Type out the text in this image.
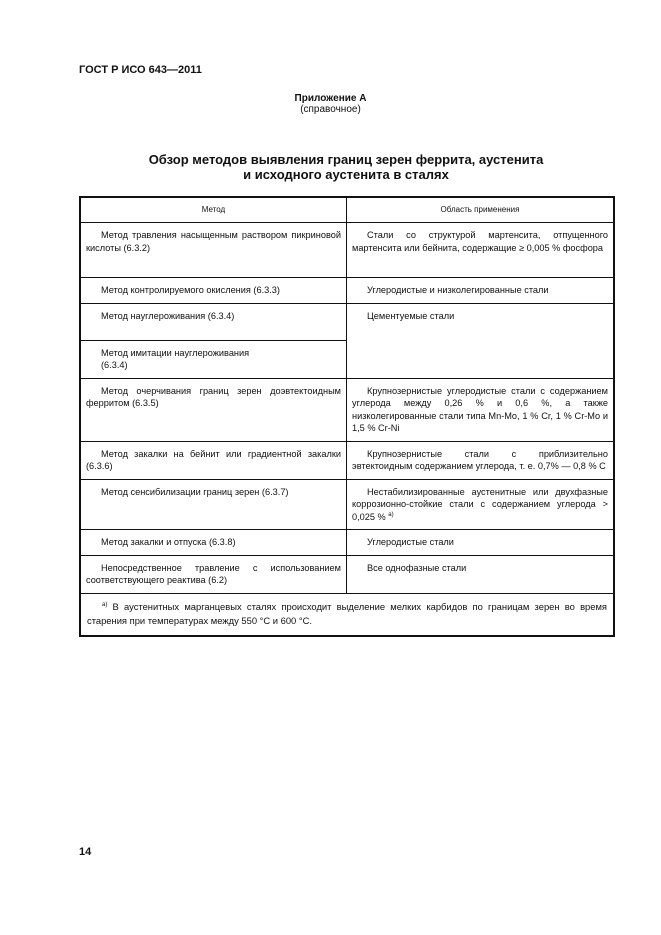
ГОСТ Р ИСО 643—2011
Приложение А
(справочное)
Обзор методов выявления границ зерен феррита, аустенита
и исходного аустенита в сталях
Метод	Область применения
Метод травления насыщенным раствором пикриновой кислоты (6.3.2)	Стали со структурой мартенсита, отпущенного мартенсита или бейнита, содержащие ≥ 0,005 % фосфора
Метод контролируемого окисления (6.3.3)	Углеродистые и низколегированные стали
Метод науглероживания (6.3.4)	Цементуемые стали
Метод имитации науглероживания (6.3.4)	
Метод очерчивания границ зерен доэвтектоидным ферритом (6.3.5)	Крупнозернистые углеродистые стали с содержанием углерода между 0,26 % и 0,6 %, а также низколегированные стали типа Mn-Mo, 1 % Cr, 1 % Cr-Mo и 1,5 % Cr-Ni
Метод закалки на бейнит или градиентной закалки (6.3.6)	Крупнозернистые стали с приблизительно эвтектоидным содержанием углерода, т. е. 0,7% — 0,8 % С
Метод сенсибилизации границ зерен (6.3.7)	Нестабилизированные аустенитные или двухфазные коррозионно-стойкие стали с содержанием углерода > 0,025 % $^{а)}$
Метод закалки и отпуска (6.3.8)	Углеродистые стали
Непосредственное травление с использованием соответствующего реактива (6.2)	Все однофазные стали
$^{а)}$ В аустенитных марганцевых сталях происходит выделение мелких карбидов по границам зерен во время старения при температурах между 550 °С и 600 °С.	
14
